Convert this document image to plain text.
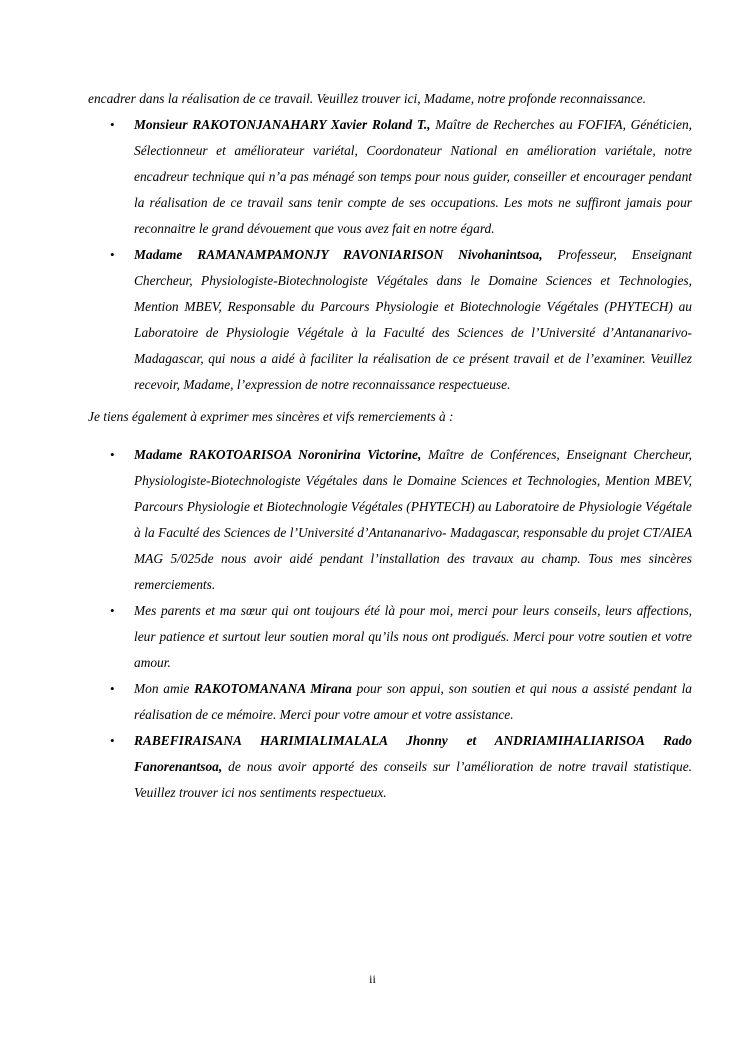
encadrer dans la réalisation de ce travail. Veuillez trouver ici, Madame, notre profonde reconnaissance.

• Monsieur RAKOTONJANAHARY Xavier Roland T., Maître de Recherches au FOFIFA, Généticien, Sélectionneur et améliorateur variétal, Coordonateur National en amélioration variétale, notre encadreur technique qui n’a pas ménagé son temps pour nous guider, conseiller et encourager pendant la réalisation de ce travail sans tenir compte de ses occupations. Les mots ne suffiront jamais pour reconnaitre le grand dévouement que vous avez fait en notre égard.
• Madame RAMANAMPAMONJY RAVONIARISON Nivohanintsoa, Professeur, Enseignant Chercheur, Physiologiste-Biotechnologiste Végétales dans le Domaine Sciences et Technologies, Mention MBEV, Responsable du Parcours Physiologie et Biotechnologie Végétales (PHYTECH) au Laboratoire de Physiologie Végétale à la Faculté des Sciences de l’Université d’Antananarivo- Madagascar, qui nous a aidé à faciliter la réalisation de ce présent travail et de l’examiner. Veuillez recevoir, Madame, l’expression de notre reconnaissance respectueuse.

Je tiens également à exprimer mes sincères et vifs remerciements à :

• Madame RAKOTOARISOA Noronirina Victorine, Maître de Conférences, Enseignant Chercheur, Physiologiste-Biotechnologiste Végétales dans le Domaine Sciences et Technologies, Mention MBEV, Parcours Physiologie et Biotechnologie Végétales (PHYTECH) au Laboratoire de Physiologie Végétale à la Faculté des Sciences de l’Université d’Antananarivo- Madagascar, responsable du projet CT/AIEA MAG 5/025de nous avoir aidé pendant l’installation des travaux au champ. Tous mes sincères remerciements.
• Mes parents et ma sœur qui ont toujours été là pour moi, merci pour leurs conseils, leurs affections, leur patience et surtout leur soutien moral qu’ils nous ont prodigués. Merci pour votre soutien et votre amour.
• Mon amie RAKOTOMANANA Mirana pour son appui, son soutien et qui nous a assisté pendant la réalisation de ce mémoire. Merci pour votre amour et votre assistance.
• RABEFIRAISANA HARIMIALIMALALA Jhonny et ANDRIAMIHALIARISOA Rado Fanorenantsoa, de nous avoir apporté des conseils sur l’amélioration de notre travail statistique. Veuillez trouver ici nos sentiments respectueux.
ii
